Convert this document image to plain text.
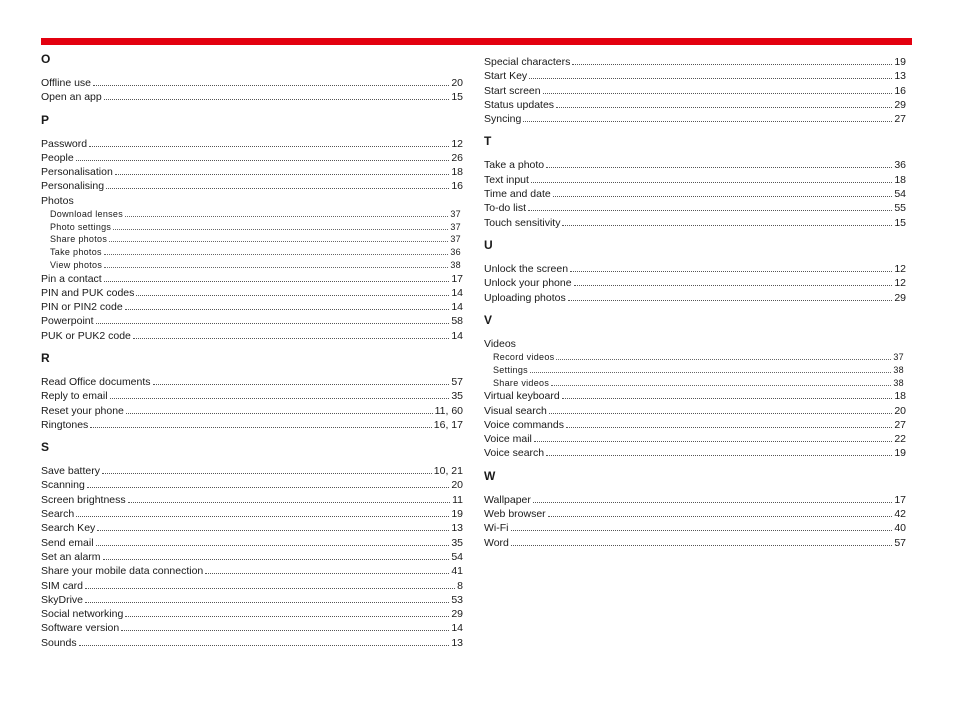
O
Offline use	20
Open an app	15
P
Password	12
People	26
Personalisation	18
Personalising	16
Photos
Download lenses	37
Photo settings	37
Share photos	37
Take photos	36
View photos	38
Pin a contact	17
PIN and PUK codes	14
PIN or PIN2 code	14
Powerpoint	58
PUK or PUK2 code	14
R
Read Office documents	57
Reply to email	35
Reset your phone	11, 60
Ringtones	16, 17
S
Save battery	10, 21
Scanning	20
Screen brightness	11
Search	19
Search Key	13
Send email	35
Set an alarm	54
Share your mobile data connection	41
SIM card	8
SkyDrive	53
Social networking	29
Software version	14
Sounds	13
Special characters	19
Start Key	13
Start screen	16
Status updates	29
Syncing	27
T
Take a photo	36
Text input	18
Time and date	54
To-do list	55
Touch sensitivity	15
U
Unlock the screen	12
Unlock your phone	12
Uploading photos	29
V
Videos
Record videos	37
Settings	38
Share videos	38
Virtual keyboard	18
Visual search	20
Voice commands	27
Voice mail	22
Voice search	19
W
Wallpaper	17
Web browser	42
Wi-Fi	40
Word	57
